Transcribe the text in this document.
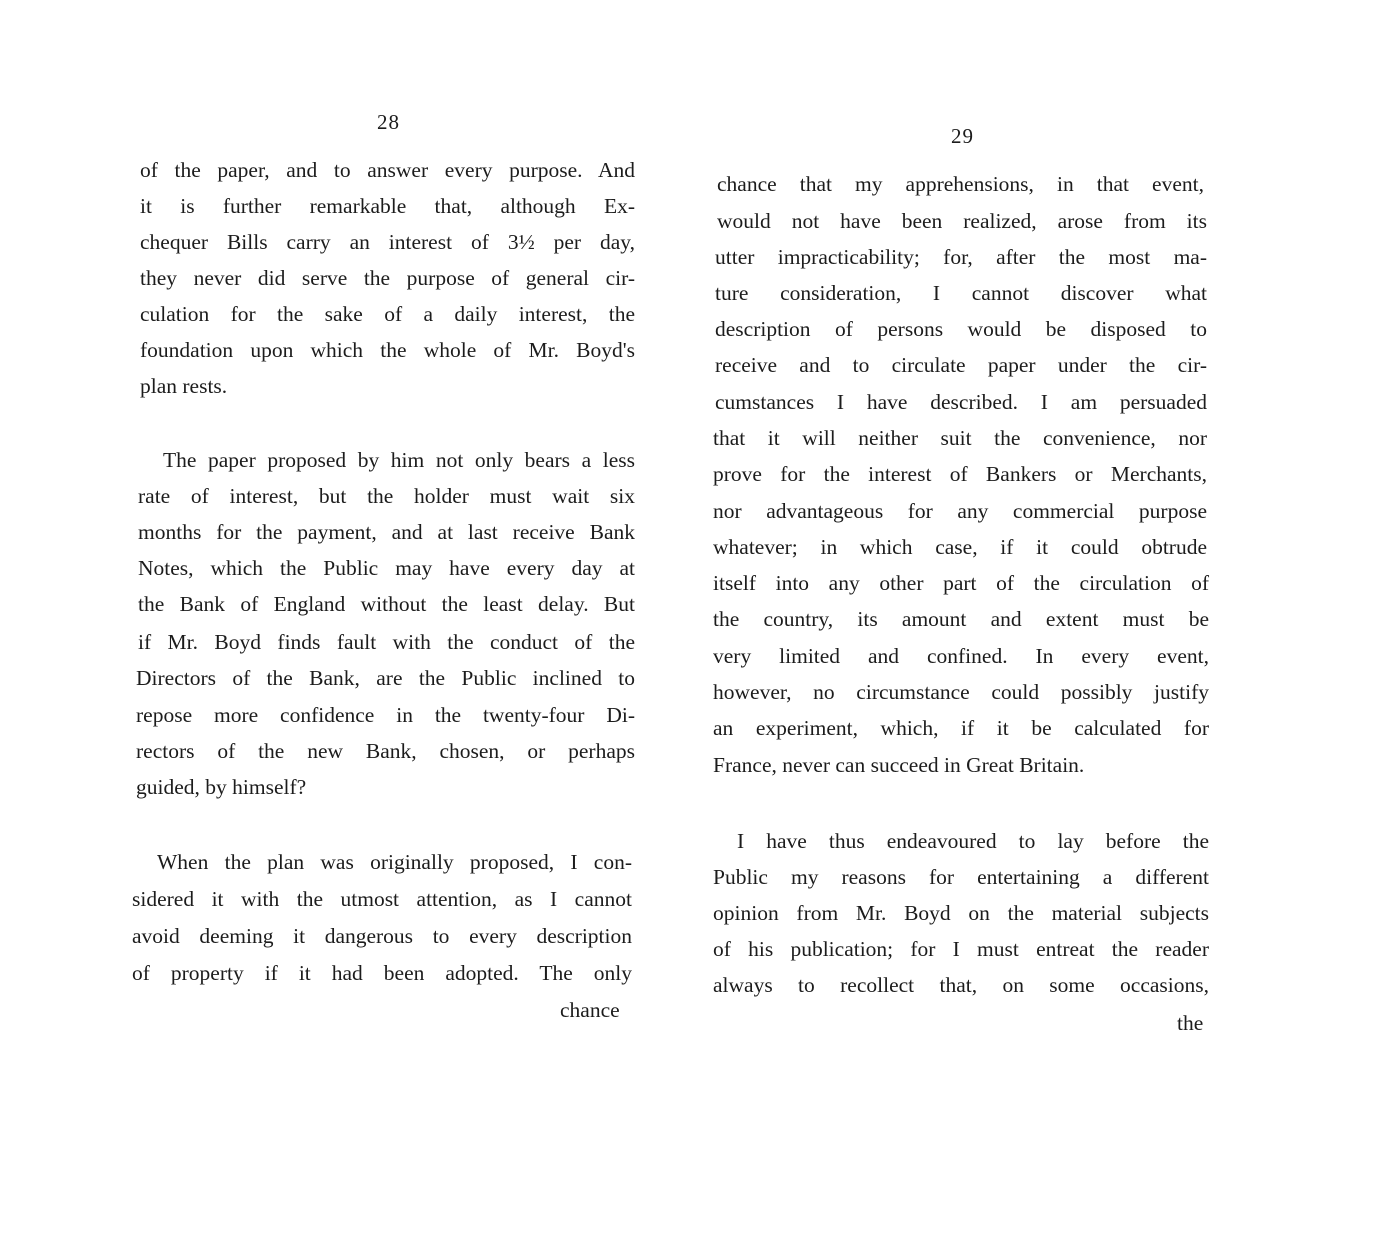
28
of the paper, and to answer every purpose. And
it is further remarkable that, although Ex-
chequer Bills carry an interest of 3½ per day,
they never did serve the purpose of general cir-
culation for the sake of a daily interest, the
foundation upon which the whole of Mr. Boyd's
plan rests.
The paper proposed by him not only bears a less
rate of interest, but the holder must wait six
months for the payment, and at last receive Bank
Notes, which the Public may have every day at
the Bank of England without the least delay. But
if Mr. Boyd finds fault with the conduct of the
Directors of the Bank, are the Public inclined to
repose more confidence in the twenty-four Di-
rectors of the new Bank, chosen, or perhaps
guided, by himself?
When the plan was originally proposed, I con-
sidered it with the utmost attention, as I cannot
avoid deeming it dangerous to every description
of property if it had been adopted. The only
chance
29
chance that my apprehensions, in that event,
would not have been realized, arose from its
utter impracticability; for, after the most ma-
ture consideration, I cannot discover what
description of persons would be disposed to
receive and to circulate paper under the cir-
cumstances I have described. I am persuaded
that it will neither suit the convenience, nor
prove for the interest of Bankers or Merchants,
nor advantageous for any commercial purpose
whatever; in which case, if it could obtrude
itself into any other part of the circulation of
the country, its amount and extent must be
very limited and confined. In every event,
however, no circumstance could possibly justify
an experiment, which, if it be calculated for
France, never can succeed in Great Britain.
I have thus endeavoured to lay before the
Public my reasons for entertaining a different
opinion from Mr. Boyd on the material subjects
of his publication; for I must entreat the reader
always to recollect that, on some occasions,
the
